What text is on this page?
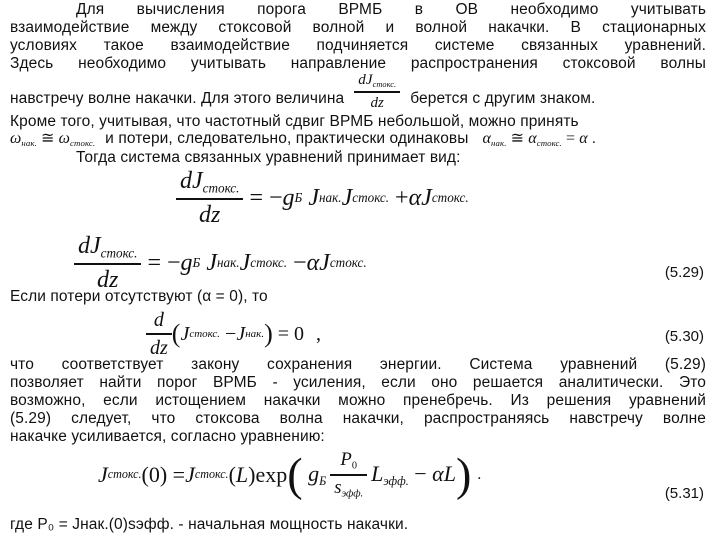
Для вычисления порога ВРМБ в ОВ необходимо учитывать
взаимодействие между стоксовой волной и волной накачки. В стационарных
условиях такое взаимодействие подчиняется системе связанных уравнений.
Здесь необходимо учитывать направление распространения стоксовой волны
навстречу волне накачки. Для этого величина $\frac{dJ_{стокс.}}{dz}$ берется с другим знаком.
Кроме того, учитывая, что частотный сдвиг ВРМБ небольшой, можно принять
$\omega_{нак.}$ ≅ $\omega_{стокс.}$ и потери, следовательно, практически одинаковы $\alpha_{нак.}$ ≅ $\alpha_{стокс.} = \alpha$ .
Тогда система связанных уравнений принимает вид:
$\frac{dJ_{стокс.}}{dz}$ = − g Б J нак. J стокс. + αJ стокс.
$\frac{dJ_{стокс.}}{dz}$ = − g Б J нак. J стокс. − αJ стокс.
(5.29)
Если потери отсутствуют (α = 0), то
$\frac{d}{dz}$ ( J стокс. − J нак. ) = 0 ,	(5.30)
что соответствует закону сохранения энергии. Система уравнений (5.29)
позволяет найти порог ВРМБ - усиления, если оно решается аналитически. Это
возможно, если истощением накачки можно пренебречь. Из решения уравнений
(5.29) следует, что стоксова волна накачки, распространяясь навстречу волне
накачке усиливается, согласно уравнению:
J стокс. (0) = J стокс. ( L )exp ( $g_Б \frac{P_0}{s_{эфф.}} L_{эфф.} - \alpha L$ ) .
(5.31)
где P₀ = Jнак.(0)sэфф. - начальная мощность накачки.
